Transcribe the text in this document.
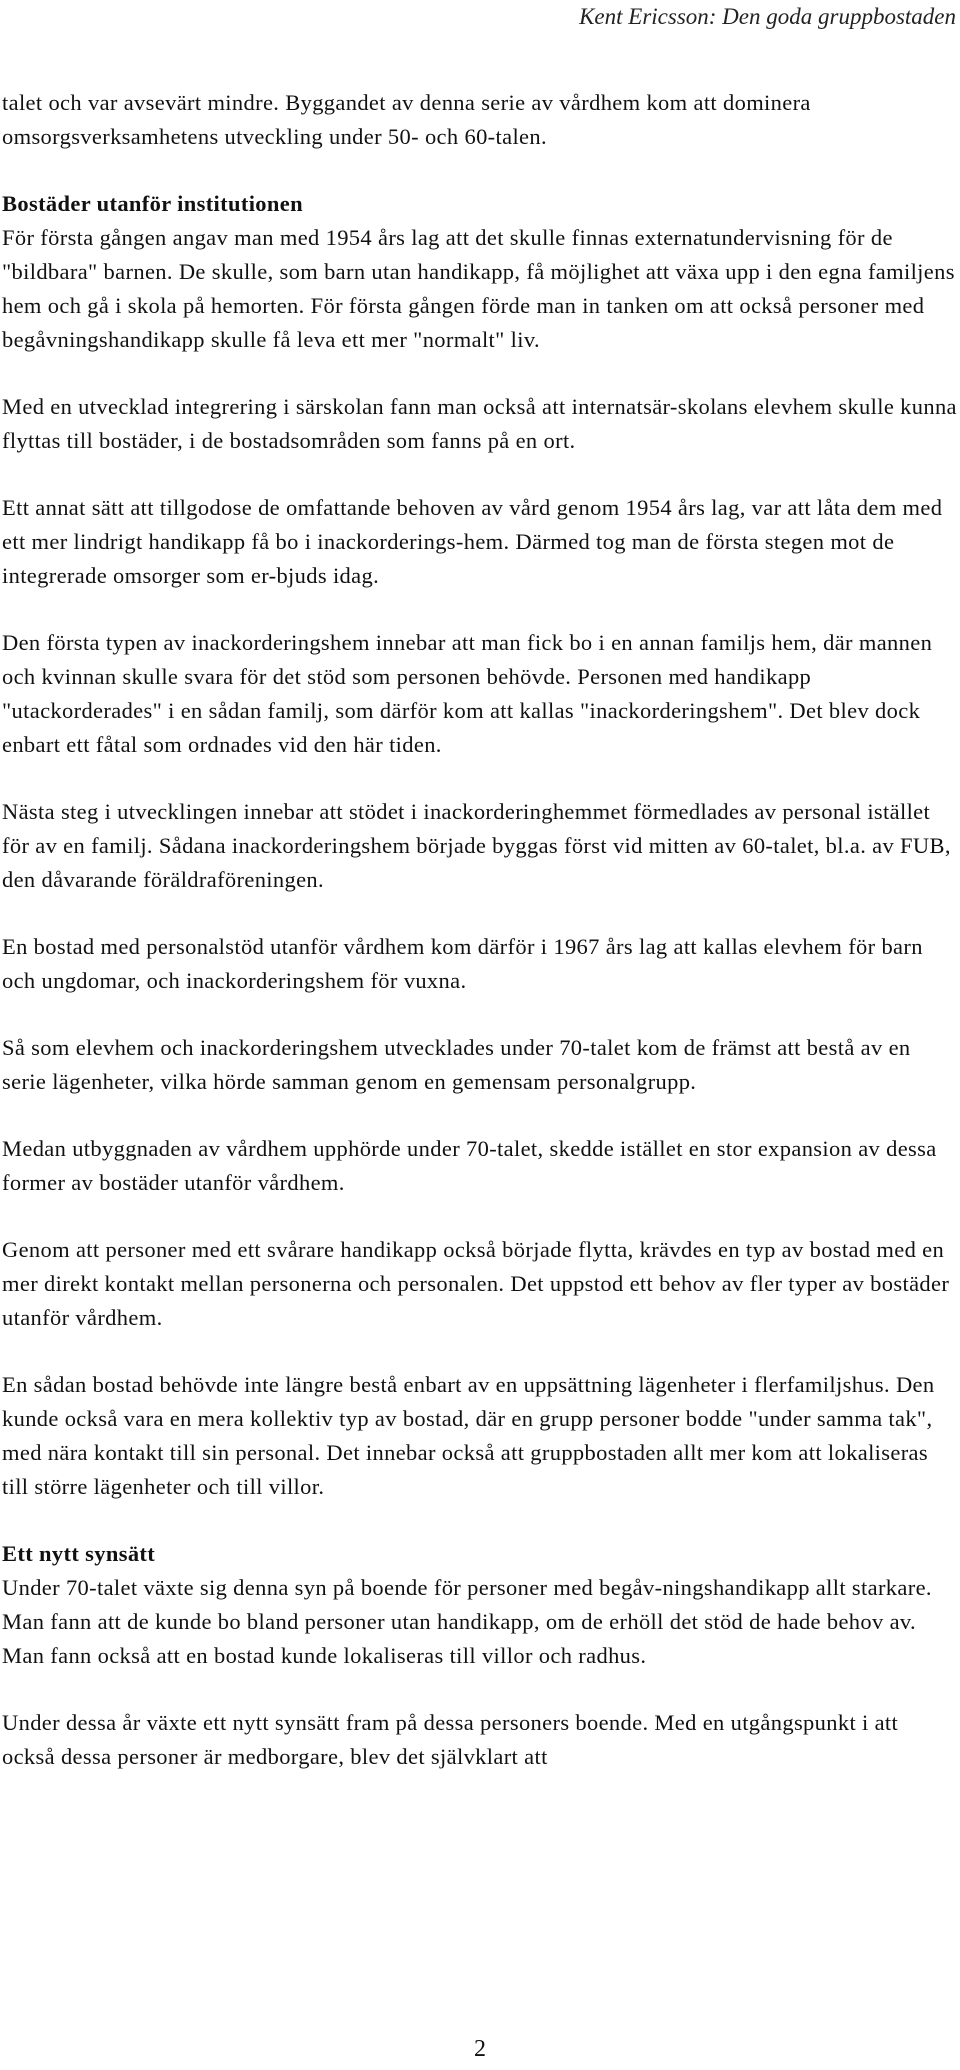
Kent Ericsson: Den goda gruppbostaden

talet och var avsevärt mindre. Byggandet av denna serie av vårdhem kom att dominera omsorgsverksamhetens utveckling under 50- och 60-talen.

Bostäder utanför institutionen
För första gången angav man med 1954 års lag att det skulle finnas externatundervisning för de "bildbara" barnen. De skulle, som barn utan handikapp, få möjlighet att växa upp i den egna familjens hem och gå i skola på hemorten. För första gången förde man in tanken om att också personer med begåvningshandikapp skulle få leva ett mer "normalt" liv.

Med en utvecklad integrering i särskolan fann man också att internatsär-skolans elevhem skulle kunna flyttas till bostäder, i de bostadsområden som fanns på en ort.

Ett annat sätt att tillgodose de omfattande behoven av vård genom 1954 års lag, var att låta dem med ett mer lindrigt handikapp få bo i inackorderings-hem. Därmed tog man de första stegen mot de integrerade omsorger som er-bjuds idag.

Den första typen av inackorderingshem innebar att man fick bo i en annan familjs hem, där mannen och kvinnan skulle svara för det stöd som personen behövde. Personen med handikapp "utackorderades" i en sådan familj, som därför kom att kallas "inackorderingshem". Det blev dock enbart ett fåtal som ordnades vid den här tiden.

Nästa steg i utvecklingen innebar att stödet i inackorderinghemmet förmedlades av personal istället för av en familj. Sådana inackorderingshem började byggas först vid mitten av 60-talet, bl.a. av FUB, den dåvarande föräldraföreningen.

En bostad med personalstöd utanför vårdhem kom därför i 1967 års lag att kallas elevhem för barn och ungdomar, och inackorderingshem för vuxna.

Så som elevhem och inackorderingshem utvecklades under 70-talet kom de främst att bestå av en serie lägenheter, vilka hörde samman genom en gemensam personalgrupp.

Medan utbyggnaden av vårdhem upphörde under 70-talet, skedde istället en stor expansion av dessa former av bostäder utanför vårdhem.

Genom att personer med ett svårare handikapp också började flytta, krävdes en typ av bostad med en mer direkt kontakt mellan personerna och personalen. Det uppstod ett behov av fler typer av bostäder utanför vårdhem.

En sådan bostad behövde inte längre bestå enbart av en uppsättning lägenheter i flerfamiljshus. Den kunde också vara en mera kollektiv typ av bostad, där en grupp personer bodde "under samma tak", med nära kontakt till sin personal. Det innebar också att gruppbostaden allt mer kom att lokaliseras till större lägenheter och till villor.

Ett nytt synsätt
Under 70-talet växte sig denna syn på boende för personer med begåv-ningshandikapp allt starkare. Man fann att de kunde bo bland personer utan handikapp, om de erhöll det stöd de hade behov av. Man fann också att en bostad kunde lokaliseras till villor och radhus.

Under dessa år växte ett nytt synsätt fram på dessa personers boende. Med en utgångspunkt i att också dessa personer är medborgare, blev det självklart att

2
